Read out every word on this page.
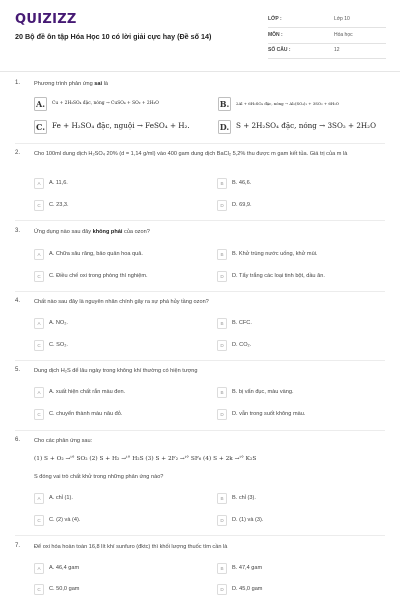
QUIZIZZ
20 Bộ đề ôn tập Hóa Học 10 có lời giải cực hay (Đề số 14)
LỚP :	Lớp 10
MÔN :	Hóa học
SỐ CÂU :	12
1. Phương trình phản ứng sai là
A.	Cu + 2H₂SO₄ đặc, nóng → CuSO₄ + SO₂ + 2H₂O	B.	2Al + 6H₂SO₄ đặc, nóng → Al₂(SO₄)₃ + 3SO₂ + 6H₂O
C. Fe + H₂SO₄ đặc, nguội → FeSO₄ + H₂.	D. S + 2H₂SO₄ đặc, nóng → 3SO₂ + 2H₂O
2. Cho 100ml dung dịch H₂SO₄ 20% (d = 1,14 g/ml) vào 400 gam dung dịch BaCl₂ 5,2% thu được m gam kết tủa. Giá trị của m là
A	A. 11,6.	B	B. 46,6.
C	C. 23,3.	D	D. 69,9.
3. Ứng dụng nào sau đây không phải của ozon?
A	A. Chữa sâu răng, bảo quản hoa quả.	B	B. Khử trùng nước uống, khử mùi.
C	C. Điều chế oxi trong phòng thí nghiệm.	D	D. Tẩy trắng các loại tinh bột, dầu ăn.
4. Chất nào sau đây là nguyên nhân chính gây ra sự phá hủy tầng ozon?
A	A. NO₂.	B	B. CFC.
C	C. SO₂.	D	D. CO₂.
5. Dung dịch H₂S để lâu ngày trong không khí thường có hiện tượng
A	A. xuất hiện chất rắn màu đen.	B	B. bị vẩn đục, màu vàng.
C	C. chuyển thành màu nâu đỏ.	D	D. vẫn trong suốt không màu.
6. Cho các phản ứng sau:
(1) S + O₂ →ᵗ° SO₂ (2) S + H₂ →ᵗ° H₂S (3) S + 2F₂ →ᵗ° SF₆ (4) S + 2k →ᵗ° K₂S
S đóng vai trò chất khử trong những phản ứng nào?
A	A. chỉ (1).	B	B. chỉ (3).
C	C. (2) và (4).	D	D. (1) và (3).
7. Để oxi hóa hoàn toàn 16,8 lít khí sunfuro (đktc) thì khối lượng thuốc tím cần là
A	A. 46,4 gam	B	B. 47,4 gam
C	C. 50,0 gam	D	D. 45,0 gam
